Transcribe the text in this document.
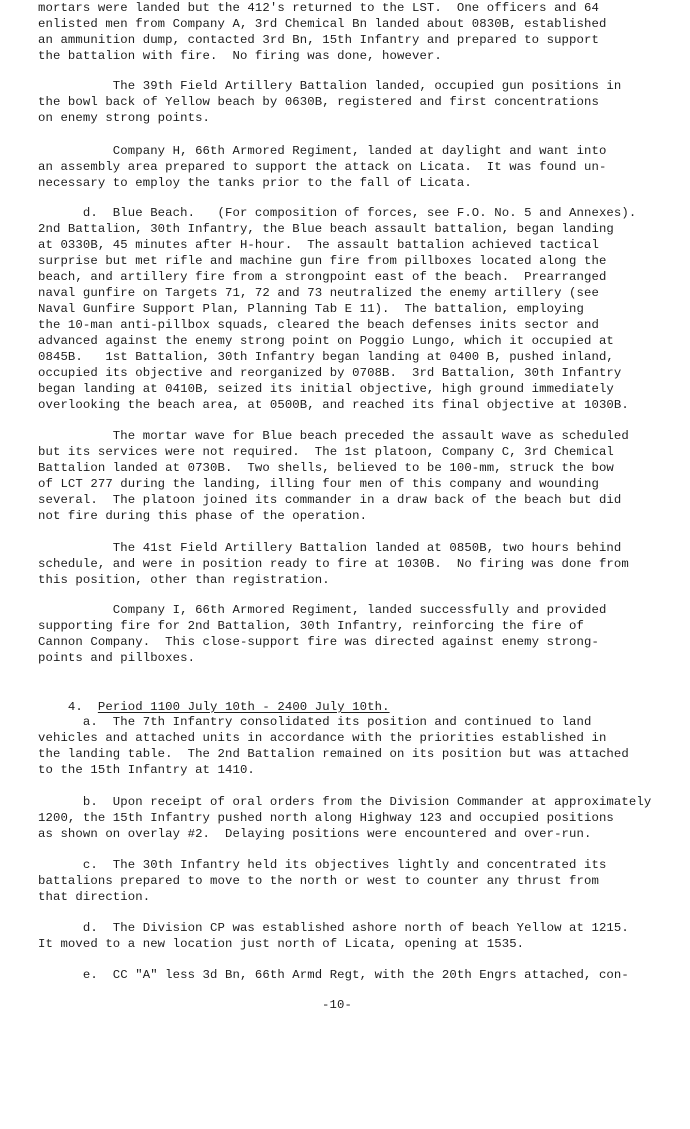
mortars were landed but the 412's returned to the LST.  One officers and 64
enlisted men from Company A, 3rd Chemical Bn landed about 0830B, established
an ammunition dump, contacted 3rd Bn, 15th Infantry and prepared to support
the battalion with fire.  No firing was done, however.
The 39th Field Artillery Battalion landed, occupied gun positions in
the bowl back of Yellow beach by 0630B, registered and first concentrations
on enemy strong points.
Company H, 66th Armored Regiment, landed at daylight and want into
an assembly area prepared to support the attack on Licata.  It was found un-
necessary to employ the tanks prior to the fall of Licata.
d.  Blue Beach.   (For composition of forces, see F.O. No. 5 and Annexes).
2nd Battalion, 30th Infantry, the Blue beach assault battalion, began landing
at 0330B, 45 minutes after H-hour.  The assault battalion achieved tactical
surprise but met rifle and machine gun fire from pillboxes located along the
beach, and artillery fire from a strongpoint east of the beach.  Prearranged
naval gunfire on Targets 71, 72 and 73 neutralized the enemy artillery (see
Naval Gunfire Support Plan, Planning Tab E 11).  The battalion, employing
the 10-man anti-pillbox squads, cleared the beach defenses inits sector and
advanced against the enemy strong point on Poggio Lungo, which it occupied at
0845B.   1st Battalion, 30th Infantry began landing at 0400 B, pushed inland,
occupied its objective and reorganized by 0708B.  3rd Battalion, 30th Infantry
began landing at 0410B, seized its initial objective, high ground immediately
overlooking the beach area, at 0500B, and reached its final objective at 1030B.
The mortar wave for Blue beach preceded the assault wave as scheduled
but its services were not required.  The 1st platoon, Company C, 3rd Chemical
Battalion landed at 0730B.  Two shells, believed to be 100-mm, struck the bow
of LCT 277 during the landing, illing four men of this company and wounding
several.  The platoon joined its commander in a draw back of the beach but did
not fire during this phase of the operation.
The 41st Field Artillery Battalion landed at 0850B, two hours behind
schedule, and were in position ready to fire at 1030B.  No firing was done from
this position, other than registration.
Company I, 66th Armored Regiment, landed successfully and provided
supporting fire for 2nd Battalion, 30th Infantry, reinforcing the fire of
Cannon Company.  This close-support fire was directed against enemy strong-
points and pillboxes.

4. Period 1100 July 10th - 2400 July 10th.

a.  The 7th Infantry consolidated its position and continued to land
vehicles and attached units in accordance with the priorities established in
the landing table.  The 2nd Battalion remained on its position but was attached
to the 15th Infantry at 1410.
b.  Upon receipt of oral orders from the Division Commander at approximately
1200, the 15th Infantry pushed north along Highway 123 and occupied positions
as shown on overlay #2.  Delaying positions were encountered and over-run.
c.  The 30th Infantry held its objectives lightly and concentrated its
battalions prepared to move to the north or west to counter any thrust from
that direction.
d.  The Division CP was established ashore north of beach Yellow at 1215.
It moved to a new location just north of Licata, opening at 1535.
e.  CC "A" less 3d Bn, 66th Armd Regt, with the 20th Engrs attached, con-
-10-
